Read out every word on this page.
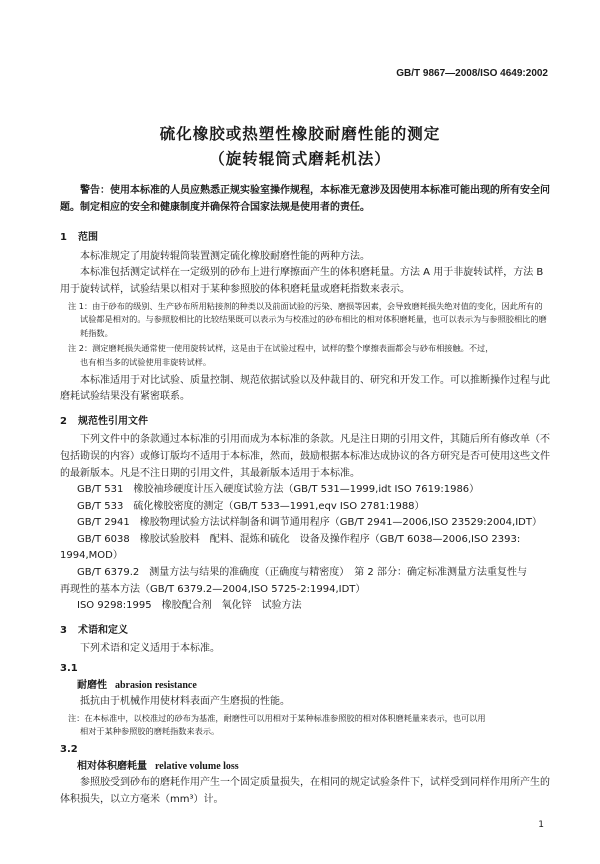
GB/T 9867—2008/ISO 4649:2002
硫化橡胶或热塑性橡胶耐磨性能的测定
（旋转辊筒式磨耗机法）

警告：使用本标准的人员应熟悉正规实验室操作规程，本标准无意涉及因使用本标准可能出现的所有安全问题。制定相应的安全和健康制度并确保符合国家法规是使用者的责任。

1 范围

本标准规定了用旋转辊筒装置测定硫化橡胶耐磨性能的两种方法。

本标准包括测定试样在一定级别的砂布上进行摩擦面产生的体积磨耗量。方法 A 用于非旋转试样，方法 B 用于旋转试样，试验结果以相对于某种参照胶的体积磨耗量或磨耗指数来表示。

注 1：由于砂布的级别、生产砂布所用粘接剂的种类以及前面试验的污染、磨损等因素，会导致磨耗损失绝对值的变化，因此所有的试验都是相对的。与参照胶相比的比较结果既可以表示为与校准过的砂布相比的相对体积磨耗量，也可以表示为与参照胶相比的磨耗指数。

注 2：测定磨耗损失通常使一使用旋转试样，这是由于在试验过程中，试样的整个摩擦表面都会与砂布相接触。不过，

也有相当多的试验使用非旋转试样。

本标准适用于对比试验、质量控制、规范依据试验以及仲裁目的、研究和开发工作。可以推断操作过程与此磨耗试验结果没有紧密联系。

2 规范性引用文件

下列文件中的条款通过本标准的引用而成为本标准的条款。凡是注日期的引用文件，其随后所有修改单（不包括勘误的内容）或修订版均不适用于本标准，然而，鼓励根据本标准达成协议的各方研究是否可使用这些文件的最新版本。凡是不注日期的引用文件，其最新版本适用于本标准。

GB/T 531　橡胶袖珍硬度计压入硬度试验方法（GB/T 531—1999,idt ISO 7619:1986）

GB/T 533　硫化橡胶密度的测定（GB/T 533—1991,eqv ISO 2781:1988）

GB/T 2941　橡胶物理试验方法试样制备和调节通用程序（GB/T 2941—2006,ISO 23529:2004,IDT）

GB/T 6038　橡胶试验胶料　配料、混炼和硫化　设备及操作程序（GB/T 6038—2006,ISO 2393:

1994,MOD）

GB/T 6379.2　测量方法与结果的准确度（正确度与精密度）　第 2 部分：确定标准测量方法重复性与

再现性的基本方法（GB/T 6379.2—2004,ISO 5725-2:1994,IDT）

ISO 9298:1995　橡胶配合剂　氧化锌　试验方法

3 术语和定义

下列术语和定义适用于本标准。

3.1

耐磨性 abrasion resistance

抵抗由于机械作用使材料表面产生磨损的性能。

注：在本标准中，以校准过的砂布为基准，耐磨性可以用相对于某种标准参照胶的相对体积磨耗量来表示，也可以用

相对于某种参照胶的磨耗指数来表示。

3.2

相对体积磨耗量 relative volume loss

参照胶受到砂布的磨耗作用产生一个固定质量损失，在相同的规定试验条件下，试样受到同样作用所产生的体积损失，以立方毫米（mm³）计。

1
